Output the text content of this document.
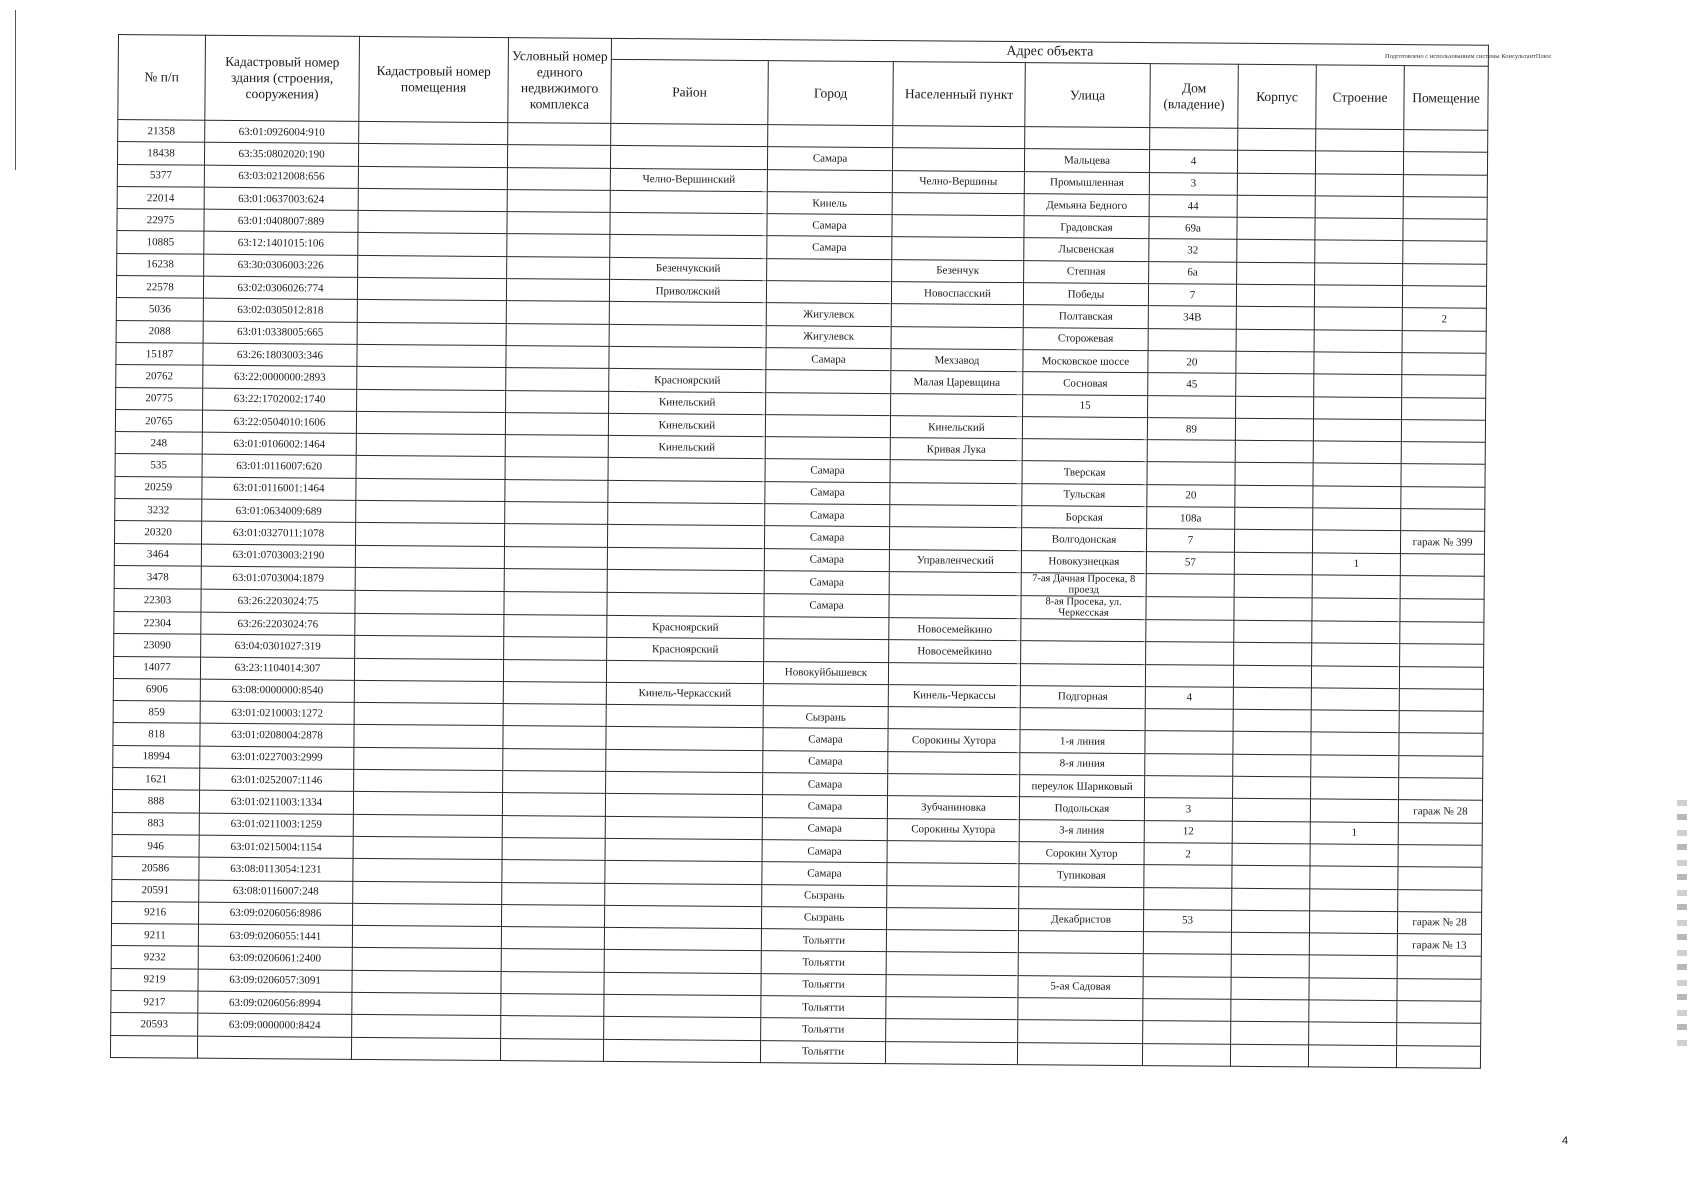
Подготовлено с использованием системы КонсультантПлюс
№ п/п	Кадастровый номер здания (строения, сооружения)	Кадастровый номер помещения	Условный номер единого недвижимого комплекса	Адрес объекта							
				Район	Город	Населенный пункт	Улица	Дом (владение)	Корпус	Строение	Помещение
21358	63:01:0926004:910										
18438	63:35:0802020:190				Самара		Мальцева	4			
5377	63:03:0212008:656			Челно-Вершинский		Челно-Вершины	Промышленная	3			
22014	63:01:0637003:624				Кинель		Демьяна Бедного	44			
22975	63:01:0408007:889				Самара		Градовская	69а			
10885	63:12:1401015:106				Самара		Лысвенская	32			
16238	63:30:0306003:226			Безенчукский		Безенчук	Степная	6а			
22578	63:02:0306026:774			Приволжский		Новоспасский	Победы	7			
5036	63:02:0305012:818				Жигулевск		Полтавская	34В			2
2088	63:01:0338005:665				Жигулевск		Сторожевая				
15187	63:26:1803003:346				Самара	Мехзавод	Московское шоссе	20			
20762	63:22:0000000:2893			Красноярский		Малая Царевщина	Сосновая	45			
20775	63:22:1702002:1740			Кинельский			15				
20765	63:22:0504010:1606			Кинельский		Кинельский		89			
248	63:01:0106002:1464			Кинельский		Кривая Лука					
535	63:01:0116007:620				Самара		Тверская				
20259	63:01:0116001:1464				Самара		Тульская	20			
3232	63:01:0634009:689				Самара		Борская	108а			
20320	63:01:0327011:1078				Самара		Волгодонская	7			гараж № 399
3464	63:01:0703003:2190				Самара	Управленческий	Новокузнецкая	57		1	
3478	63:01:0703004:1879				Самара		7-ая Дачная Просека, 8 проезд				
22303	63:26:2203024:75				Самара		8-ая Просека, ул. Черкесская				
22304	63:26:2203024:76			Красноярский		Новосемейкино					
23090	63:04:0301027:319			Красноярский		Новосемейкино					
14077	63:23:1104014:307				Новокуйбышевск						
6906	63:08:0000000:8540			Кинель-Черкасский		Кинель-Черкассы	Подгорная	4			
859	63:01:0210003:1272				Сызрань						
818	63:01:0208004:2878				Самара	Сорокины Хутора	1-я линия				
18994	63:01:0227003:2999				Самара		8-я линия				
1621	63:01:0252007:1146				Самара		переулок Шариковый				
888	63:01:0211003:1334				Самара	Зубчаниновка	Подольская	3			гараж № 28
883	63:01:0211003:1259				Самара	Сорокины Хутора	3-я линия	12		1	
946	63:01:0215004:1154				Самара		Сорокин Хутор	2			
20586	63:08:0113054:1231				Самара		Тупиковая				
20591	63:08:0116007:248				Сызрань						
9216	63:09:0206056:8986				Сызрань		Декабристов	53			гараж № 28
9211	63:09:0206055:1441				Тольятти						гараж № 13
9232	63:09:0206061:2400				Тольятти						
9219	63:09:0206057:3091				Тольятти		5-ая Садовая				
9217	63:09:0206056:8994				Тольятти						
20593	63:09:0000000:8424				Тольятти						
					Тольятти						
4
